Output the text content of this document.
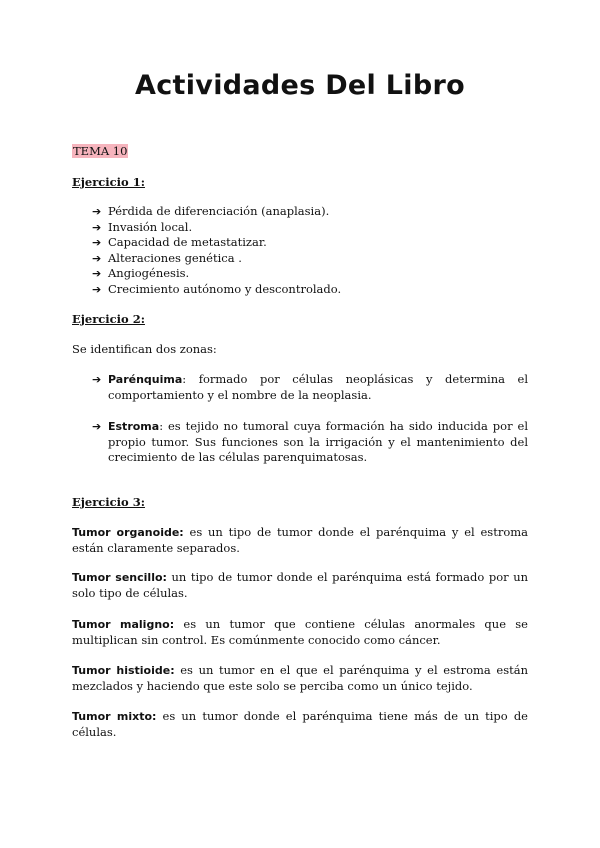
Actividades Del Libro
TEMA 10

Ejercicio 1:

➔ Pérdida de diferenciación (anaplasia).
➔ Invasión local.
➔ Capacidad de metastatizar.
➔ Alteraciones genética .
➔ Angiogénesis.
➔ Crecimiento autónomo y descontrolado.

Ejercicio 2:

Se identifican dos zonas:

➔ Parénquima: formado por células neoplásicas y determina el comportamiento y el nombre de la neoplasia.
➔ Estroma: es tejido no tumoral cuya formación ha sido inducida por el propio tumor. Sus funciones son la irrigación y el mantenimiento del crecimiento de las células parenquimatosas.

Ejercicio 3:

Tumor organoide: es un tipo de tumor donde el parénquima y el estroma están claramente separados.

Tumor sencillo: un tipo de tumor donde el parénquima está formado por un solo tipo de células.

Tumor maligno: es un tumor que contiene células anormales que se multiplican sin control. Es comúnmente conocido como cáncer.

Tumor histioide: es un tumor en el que el parénquima y el estroma están mezclados y haciendo que este solo se perciba como un único tejido.

Tumor mixto: es un tumor donde el parénquima tiene más de un tipo de células.
